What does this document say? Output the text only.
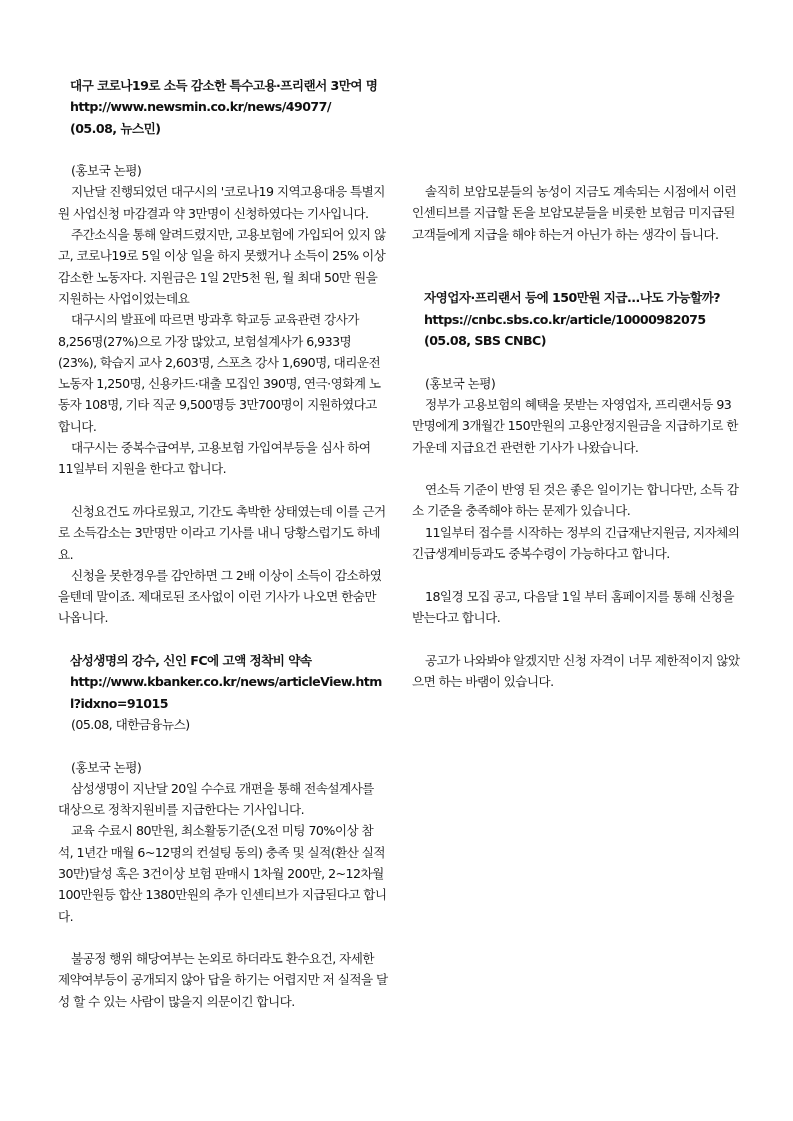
대구 코로나19로 소득 감소한 특수고용·프리랜서 3만여 명

http://www.newsmin.co.kr/news/49077/

(05.08, 뉴스민)

(홍보국 논평)

지난달 진행되었던 대구시의 '코로나19 지역고용대응 특별지원 사업신청 마감결과 약 3만명이 신청하였다는 기사입니다.

주간소식을 통해 알려드렸지만, 고용보험에 가입되어 있지 않고, 코로나19로 5일 이상 일을 하지 못했거나 소득이 25% 이상 감소한 노동자다. 지원금은 1일 2만5천 원, 월 최대 50만 원을 지원하는 사업이었는데요

대구시의 발표에 따르면 방과후 학교등 교육관련 강사가 8,256명(27%)으로 가장 많았고, 보험설계사가 6,933명(23%), 학습지 교사 2,603명, 스포츠 강사 1,690명, 대리운전 노동자 1,250명, 신용카드·대출 모집인 390명, 연극·영화계 노동자 108명, 기타 직군 9,500명등 3만700명이 지원하였다고 합니다.

대구시는 중복수급여부, 고용보험 가입여부등을 심사 하여 11일부터 지원을 한다고 합니다.

신청요건도 까다로웠고, 기간도 촉박한 상태였는데 이를 근거로 소득감소는 3만명만 이라고 기사를 내니 당황스럽기도 하네요.

신청을 못한경우를 감안하면 그 2배 이상이 소득이 감소하였을텐데 말이죠. 제대로된 조사없이 이런 기사가 나오면 한숨만 나옵니다.

삼성생명의 강수, 신인 FC에 고액 정착비 약속

http://www.kbanker.co.kr/news/articleView.html?idxno=91015

(05.08, 대한금융뉴스)

(홍보국 논평)

삼성생명이 지난달 20일 수수료 개편을 통해 전속설계사를 대상으로 정착지원비를 지급한다는 기사입니다.

교육 수료시 80만원, 최소활동기준(오전 미팅 70%이상 참석, 1년간 매월 6~12명의 컨설팅 동의) 충족 및 실적(환산 실적 30만)달성 혹은 3건이상 보험 판매시 1차월 200만, 2~12차월 100만원등 합산 1380만원의 추가 인센티브가 지급된다고 합니다.

불공정 행위 해당여부는 논외로 하더라도 환수요건, 자세한 제약여부등이 공개되지 않아 답을 하기는 어렵지만 저 실적을 달성 할 수 있는 사람이 많을지 의문이긴 합니다.

솔직히 보암모분들의 농성이 지금도 계속되는 시점에서 이런 인센티브를 지급할 돈을 보암모분들을 비롯한 보험금 미지급된 고객들에게 지급을 해야 하는거 아닌가 하는 생각이 듭니다.

자영업자·프리랜서 등에 150만원 지급...나도 가능할까?

https://cnbc.sbs.co.kr/article/10000982075

(05.08, SBS CNBC)

(홍보국 논평)

정부가 고용보험의 혜택을 못받는 자영업자, 프리랜서등 93만명에게 3개월간 150만원의 고용안정지원금을 지급하기로 한 가운데 지급요건 관련한 기사가 나왔습니다.

연소득 기준이 반영 된 것은 좋은 일이기는 합니다만, 소득 감소 기준을 충족해야 하는 문제가 있습니다.

11일부터 접수를 시작하는 정부의 긴급재난지원금, 지자체의 긴급생계비등과도 중복수령이 가능하다고 합니다.

18일경 모집 공고, 다음달 1일 부터 홈페이지를 통해 신청을 받는다고 합니다.

공고가 나와봐야 알겠지만 신청 자격이 너무 제한적이지 않았으면 하는 바램이 있습니다.
